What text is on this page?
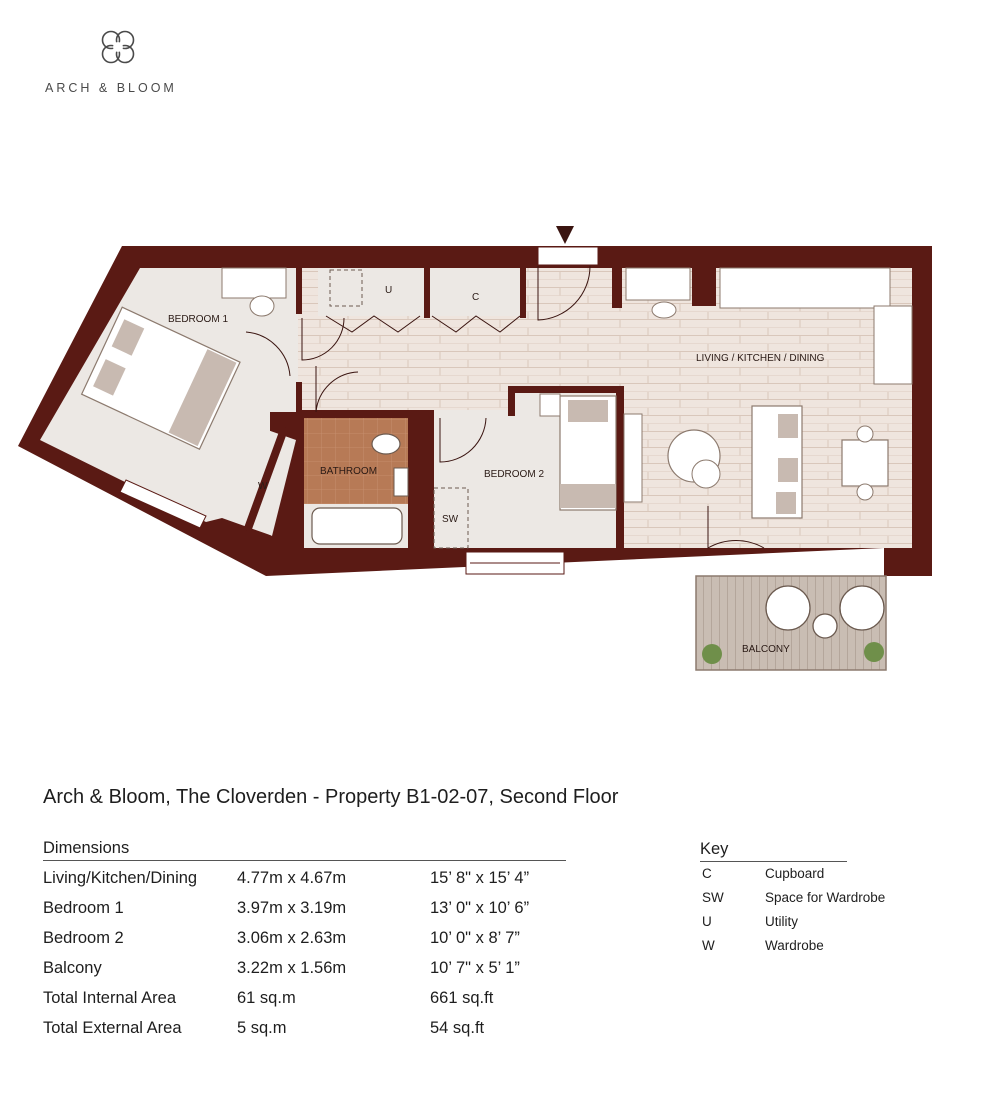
ARCH & BLOOM
BEDROOM 1
U
C
LIVING / KITCHEN / DINING
BATHROOM	BEDROOM 2
SW
W
BALCONY
Arch & Bloom, The Cloverden - Property B1-02-07, Second Floor
Dimensions
Living/Kitchen/Dining 4.77m x 4.67m	15’ 8" x 15’ 4”
Bedroom 1	3.97m x 3.19m	13’ 0" x 10’ 6”
Bedroom 2	3.06m x 2.63m	10’ 0" x 8’ 7”
Balcony	3.22m x 1.56m	10’ 7" x 5’ 1”
Total Internal Area	61 sq.m	661 sq.ft
Total External Area	5 sq.m	54 sq.ft
Key
C	Cupboard
SW	Space for Wardrobe
U	Utility
W	Wardrobe
